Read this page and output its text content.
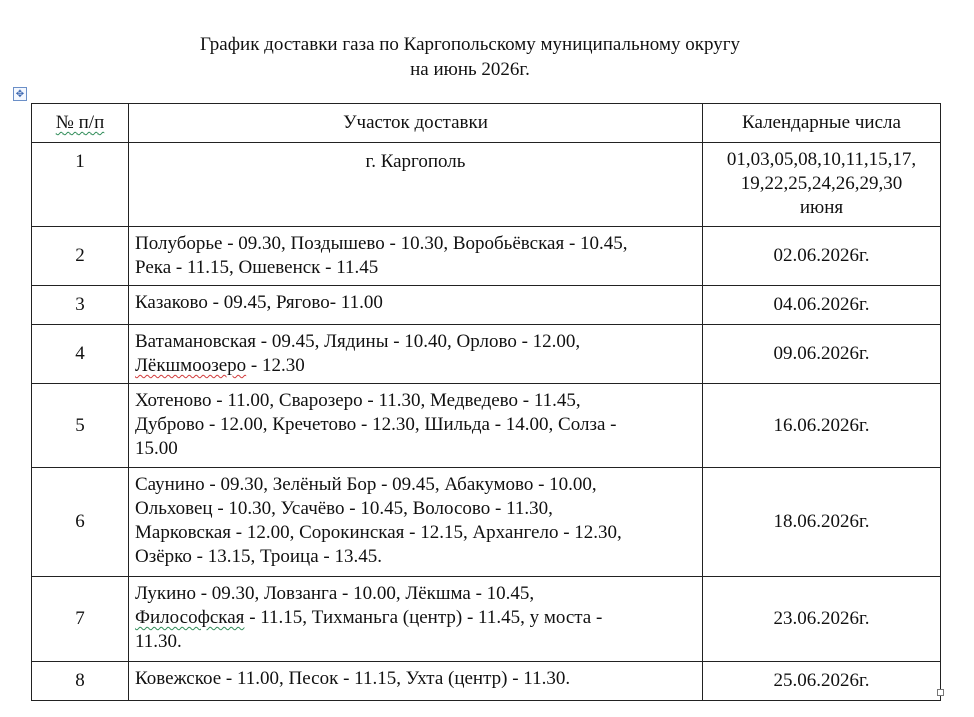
График доставки газа по Каргопольскому муниципальному округу
на июнь 2026г.
✥
№ п/п	Участок доставки	Календарные числа
1	г. Каргополь	01,03,05,08,10,11,15,17,
19,22,25,24,26,29,30
июня

2	Полуборье - 09.30, Поздышево - 10.30, Воробьёвская - 10.45,
Река - 11.15, Ошевенск - 11.45	02.06.2026г.
3	Казаково - 09.45, Рягово- 11.00	04.06.2026г.
4	Ватамановская - 09.45, Лядины - 10.40, Орлово - 12.00,
Лёкшмоозеро - 12.30	09.06.2026г.
5	Хотеново - 11.00, Сварозеро - 11.30, Медведево - 11.45,
Дуброво - 12.00, Кречетово - 12.30, Шильда - 14.00, Солза -
15.00	16.06.2026г.
6	Саунино - 09.30, Зелёный Бор - 09.45, Абакумово - 10.00,
Ольховец - 10.30, Усачёво - 10.45, Волосово - 11.30,
Марковская - 12.00, Сорокинская - 12.15, Архангело - 12.30,
Озёрко - 13.15, Троица - 13.45.	18.06.2026г.
7	Лукино - 09.30, Ловзанга - 10.00, Лёкшма - 10.45,
Философская - 11.15, Тихманьга (центр) - 11.45, у моста -
11.30.	23.06.2026г.
8	Ковежское - 11.00, Песок - 11.15, Ухта (центр) - 11.30.	25.06.2026г.
